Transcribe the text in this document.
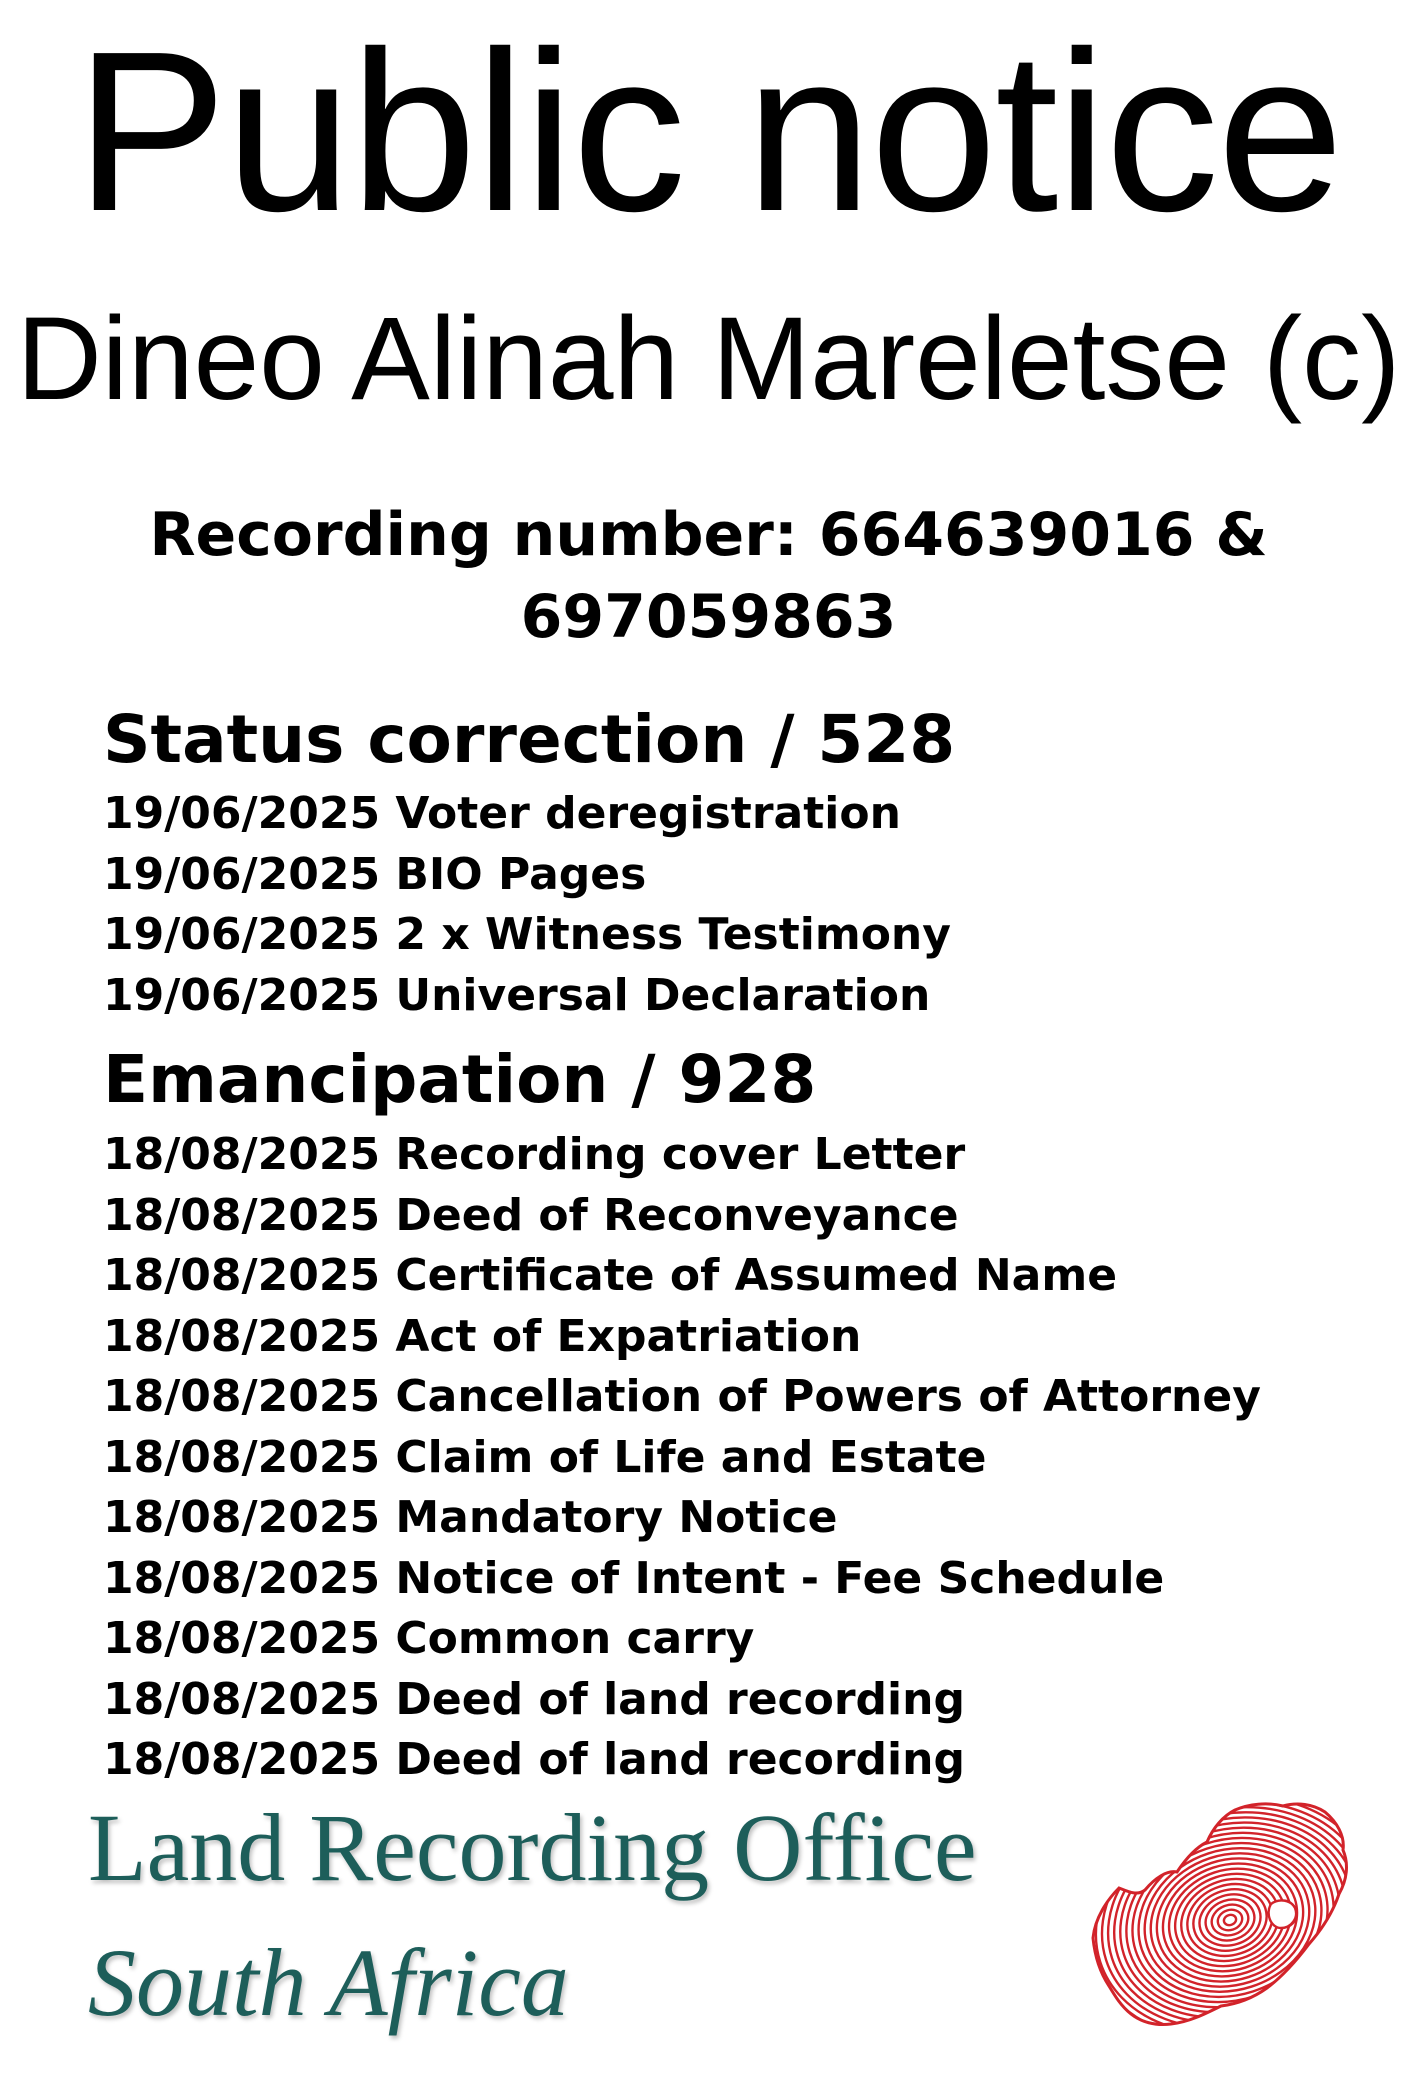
Public notice
Dineo Alinah Mareletse (c)
Recording number: 664639016 & 697059863
Status correction / 528
19/06/2025 Voter deregistration
19/06/2025 BIO Pages
19/06/2025 2 x Witness Testimony
19/06/2025 Universal Declaration
Emancipation / 928
18/08/2025 Recording cover Letter
18/08/2025 Deed of Reconveyance
18/08/2025 Certificate of Assumed Name
18/08/2025 Act of Expatriation
18/08/2025 Cancellation of Powers of Attorney
18/08/2025 Claim of Life and Estate
18/08/2025 Mandatory Notice
18/08/2025 Notice of Intent - Fee Schedule
18/08/2025 Common carry
18/08/2025 Deed of land recording
18/08/2025 Deed of land recording
Land Recording Office
South Africa
